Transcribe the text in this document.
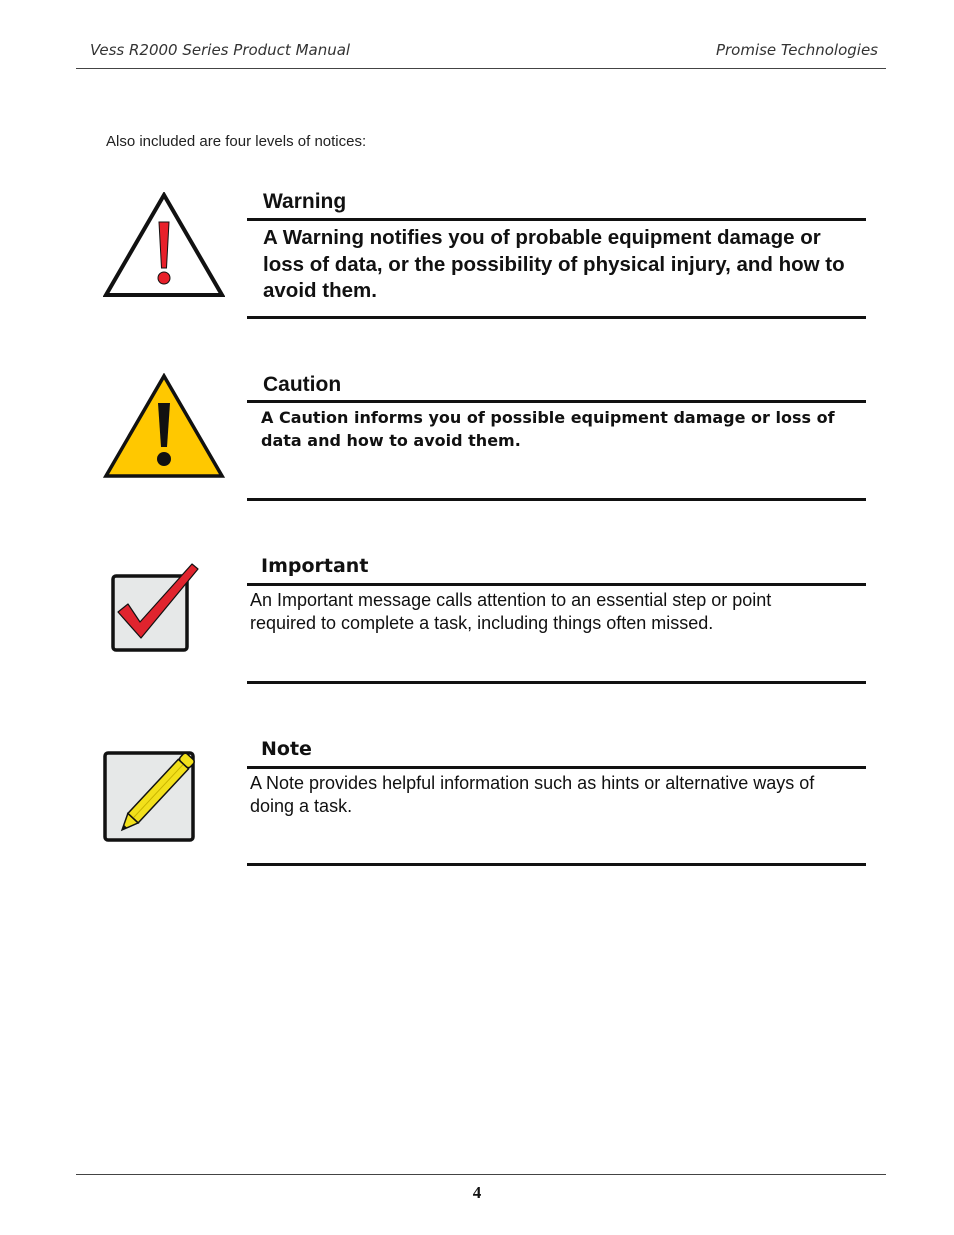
Vess R2000 Series Product Manual	Promise Technologies
Also included are four levels of notices:
Warning
A Warning notifies you of probable equipment damage or loss of data, or the possibility of physical injury, and how to avoid them.
Caution
A Caution informs you of possible equipment damage or loss of data and how to avoid them.
Important
An Important message calls attention to an essential step or point required to complete a task, including things often missed.
Note
A Note provides helpful information such as hints or alternative ways of doing a task.
4
